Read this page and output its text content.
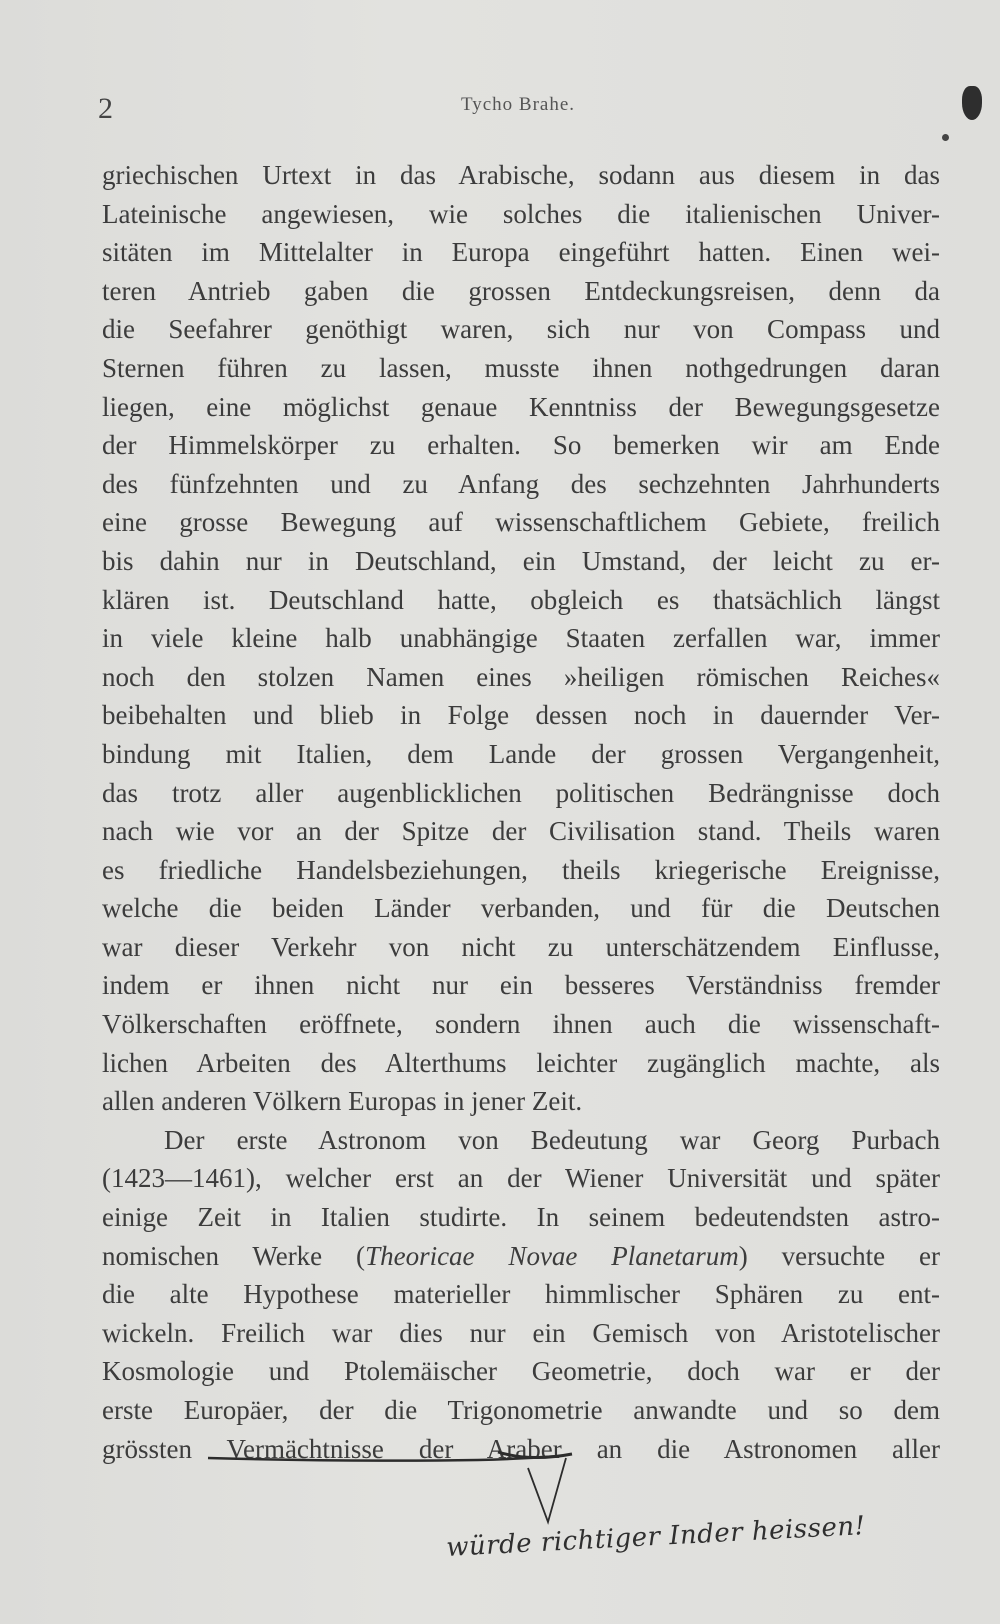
2	Tycho Brahe.
griechischen Urtext in das Arabische, sodann aus diesem in das
Lateinische angewiesen, wie solches die italienischen Univer-
sitäten im Mittelalter in Europa eingeführt hatten. Einen wei-
teren Antrieb gaben die grossen Entdeckungsreisen, denn da
die Seefahrer genöthigt waren, sich nur von Compass und
Sternen führen zu lassen, musste ihnen nothgedrungen daran
liegen, eine möglichst genaue Kenntniss der Bewegungsgesetze
der Himmelskörper zu erhalten. So bemerken wir am Ende
des fünfzehnten und zu Anfang des sechzehnten Jahrhunderts
eine grosse Bewegung auf wissenschaftlichem Gebiete, freilich
bis dahin nur in Deutschland, ein Umstand, der leicht zu er-
klären ist. Deutschland hatte, obgleich es thatsächlich längst
in viele kleine halb unabhängige Staaten zerfallen war, immer
noch den stolzen Namen eines »heiligen römischen Reiches«
beibehalten und blieb in Folge dessen noch in dauernder Ver-
bindung mit Italien, dem Lande der grossen Vergangenheit,
das trotz aller augenblicklichen politischen Bedrängnisse doch
nach wie vor an der Spitze der Civilisation stand. Theils waren
es friedliche Handelsbeziehungen, theils kriegerische Ereignisse,
welche die beiden Länder verbanden, und für die Deutschen
war dieser Verkehr von nicht zu unterschätzendem Einflusse,
indem er ihnen nicht nur ein besseres Verständniss fremder
Völkerschaften eröffnete, sondern ihnen auch die wissenschaft-
lichen Arbeiten des Alterthums leichter zugänglich machte, als
allen anderen Völkern Europas in jener Zeit.
Der erste Astronom von Bedeutung war Georg Purbach
(1423—1461), welcher erst an der Wiener Universität und später
einige Zeit in Italien studirte. In seinem bedeutendsten astro-
nomischen Werke (Theoricae Novae Planetarum) versuchte er
die alte Hypothese materieller himmlischer Sphären zu ent-
wickeln. Freilich war dies nur ein Gemisch von Aristotelischer
Kosmologie und Ptolemäischer Geometrie, doch war er der
erste Europäer, der die Trigonometrie anwandte und so dem
grössten Vermächtnisse der Araber an die Astronomen aller
würde richtiger Inder heissen!
